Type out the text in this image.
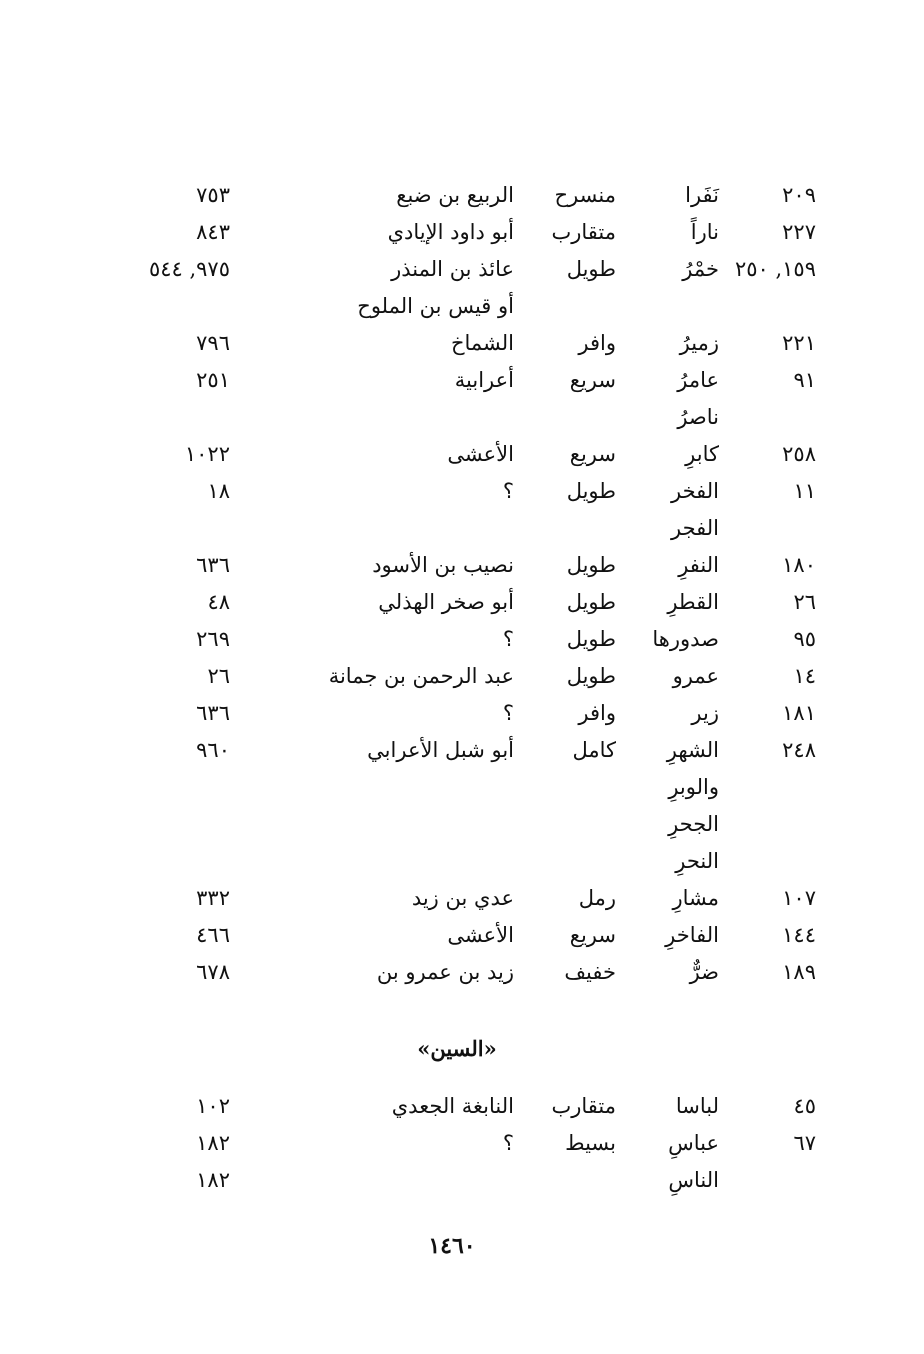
٢٠٩
نَفَرا
منسرح
الربيع بن ضبع
٧٥٣
٢٢٧
ناراً
متقارب
أبو داود الإيادي
٨٤٣
١٥٩, ٢٥٠
خمْرُ
طويل
عائذ بن المنذر
٩٧٥, ٥٤٤
أو قيس بن الملوح
٢٢١
زميرُ
وافر
الشماخ
٧٩٦
٩١
عامرُ
سريع
أعرابية
٢٥١
ناصرُ
٢٥٨
كابرِ
سريع
الأعشى
١٠٢٢
١١
الفخر
طويل
؟
١٨
الفجر
١٨٠
النفرِ
طويل
نصيب بن الأسود
٦٣٦
٢٦
القطرِ
طويل
أبو صخر الهذلي
٤٨
٩٥
صدورها
طويل
؟
٢٦٩
١٤
عمرو
طويل
عبد الرحمن بن جمانة
٢٦
١٨١
زير
وافر
؟
٦٣٦
٢٤٨
الشهرِ
كامل
أبو شبل الأعرابي
٩٦٠
والوبرِ
الجحرِ
النحرِ
١٠٧
مشارِ
رمل
عدي بن زيد
٣٣٢
١٤٤
الفاخرِ
سريع
الأعشى
٤٦٦
١٨٩
ضرٌّ
خفيف
زيد بن عمرو بن
٦٧٨
«السين»
٤٥
لباسا
متقارب
النابغة الجعدي
١٠٢
٦٧
عباسِ
بسيط
؟
١٨٢
الناسِ
١٨٢
١٤٦٠
